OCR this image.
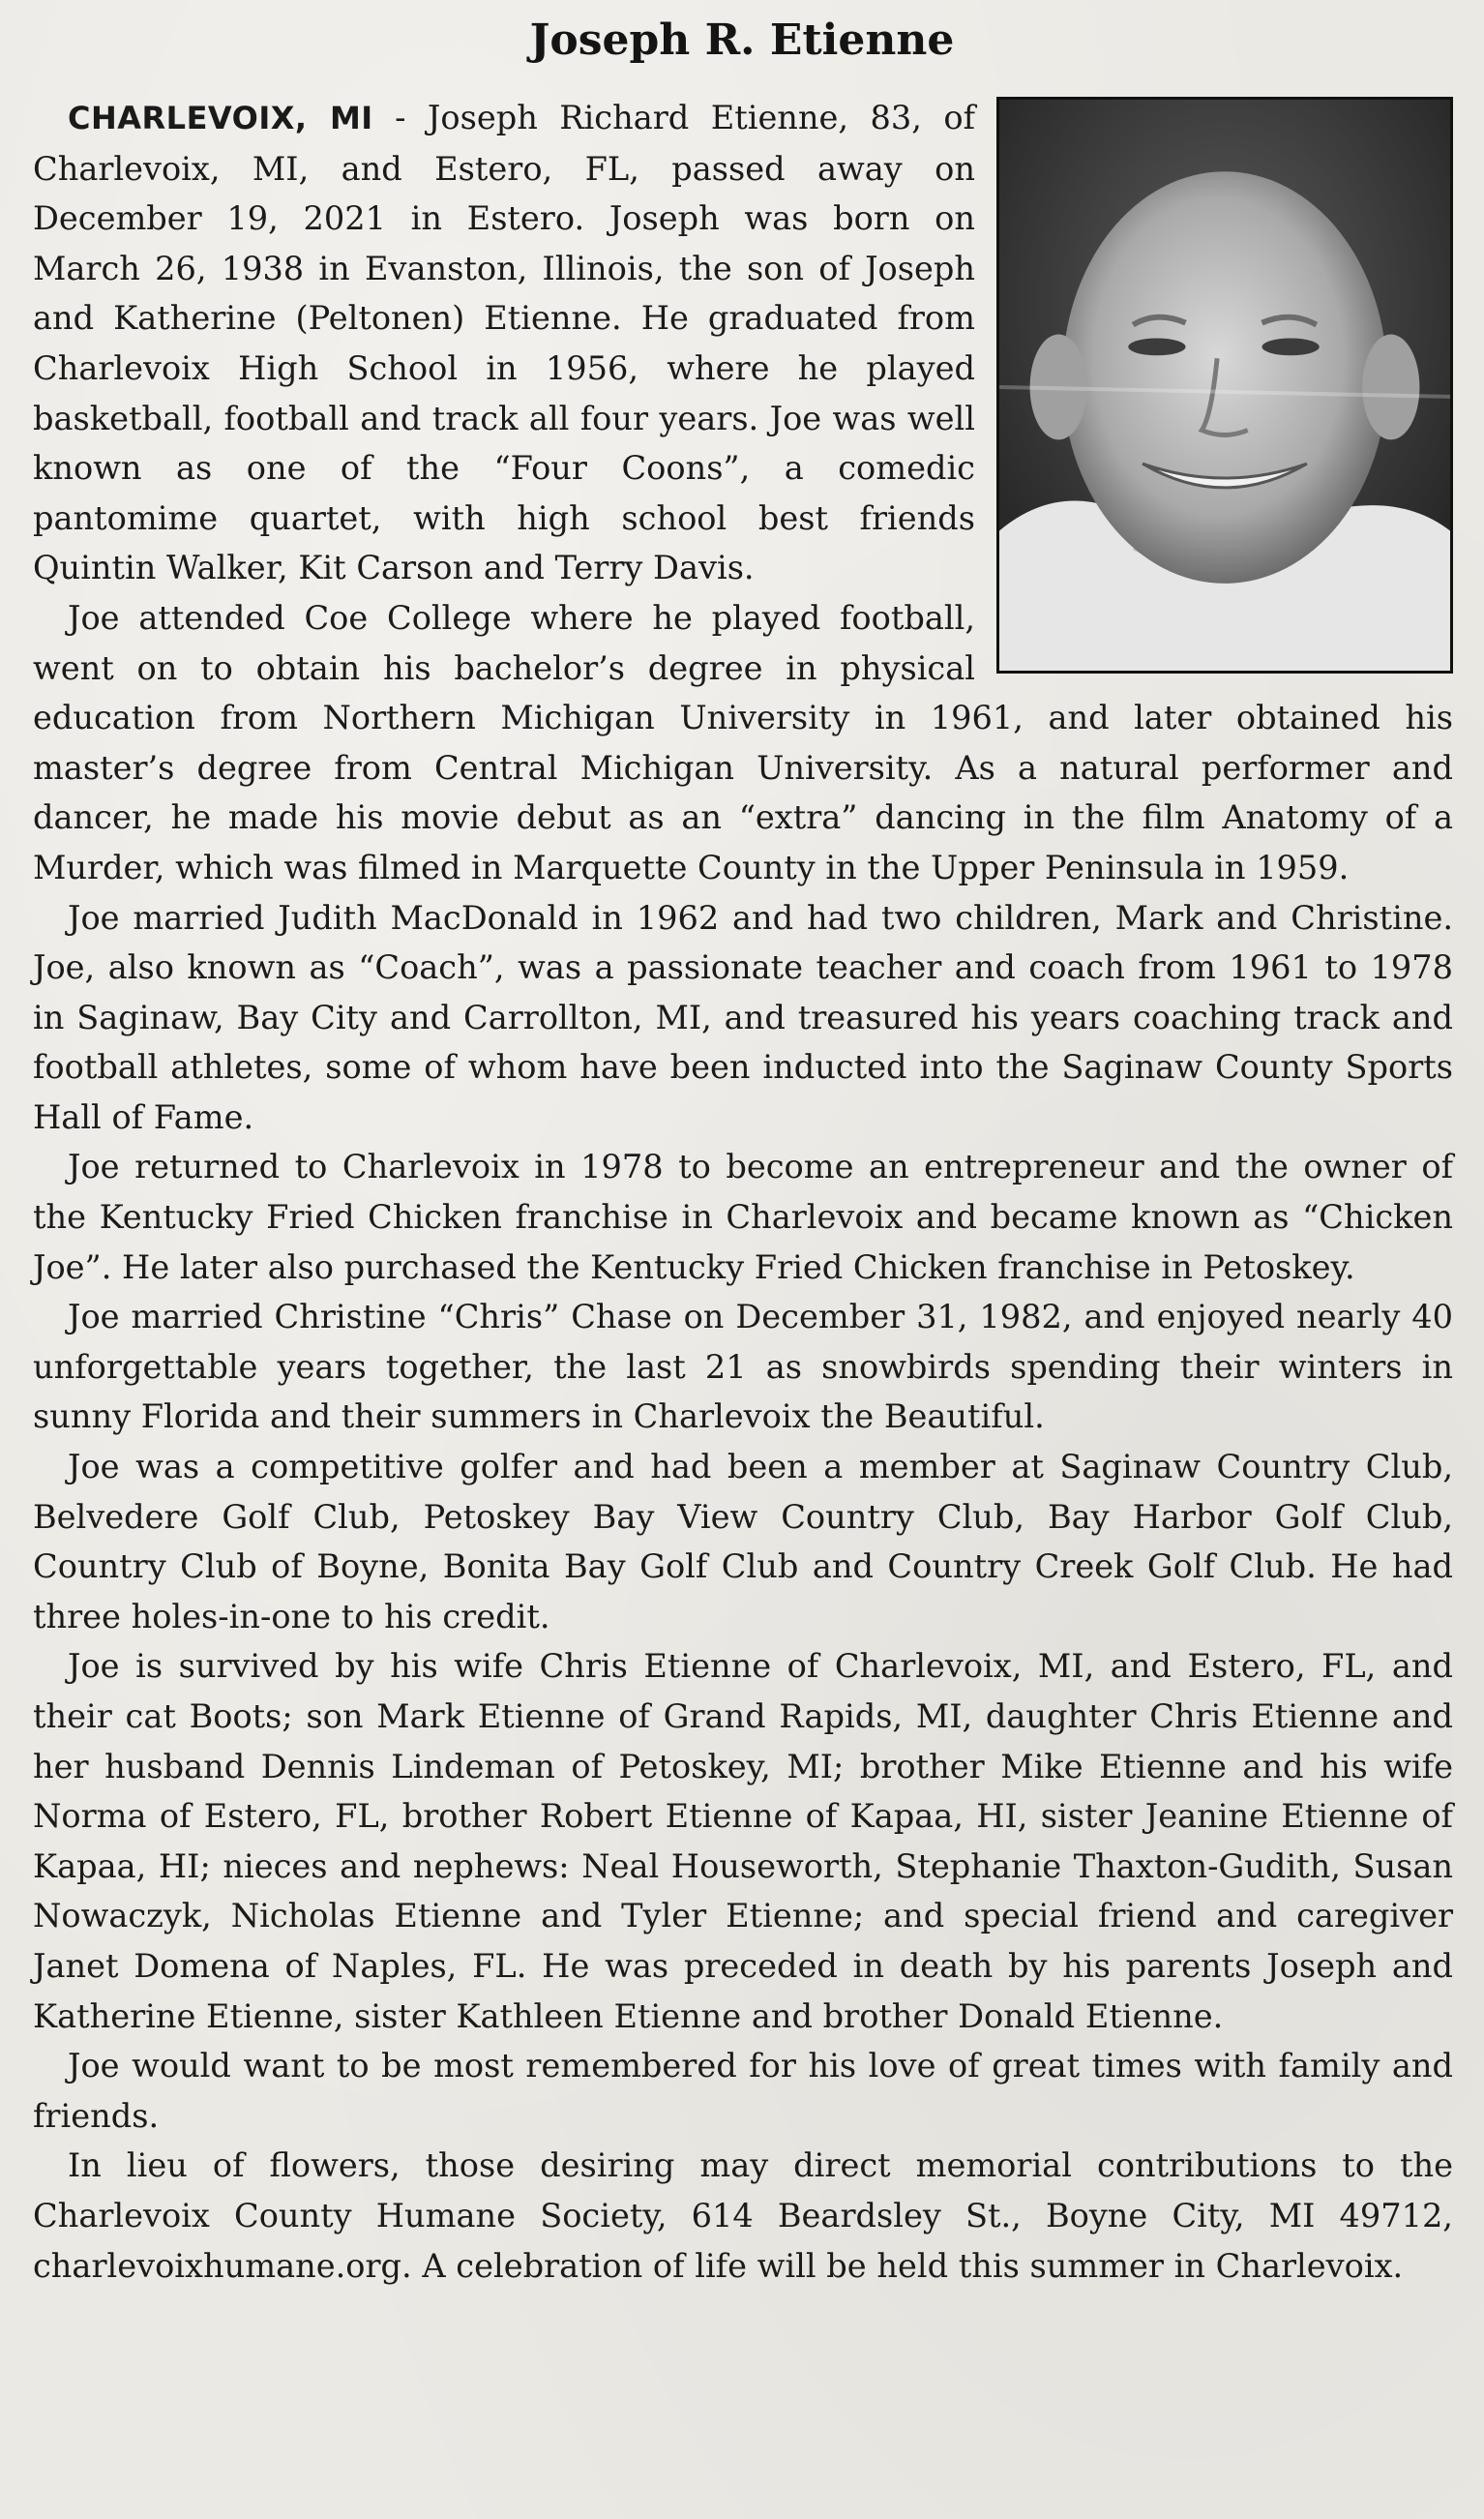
Joseph R. Etienne

CHARLEVOIX, MI - Joseph Richard Etienne, 83, of Charlevoix, MI, and Estero, FL, passed away on December 19, 2021 in Estero. Joseph was born on March 26, 1938 in Evanston, Illinois, the son of Joseph and Katherine (Peltonen) Etienne. He graduated from Charlevoix High School in 1956, where he played basketball, football and track all four years. Joe was well known as one of the “Four Coons”, a comedic pantomime quartet, with high school best friends Quintin Walker, Kit Carson and Terry Davis.

Joe attended Coe College where he played football, went on to obtain his bachelor’s degree in physical education from Northern Michigan University in 1961, and later obtained his master’s degree from Central Michigan University. As a natural performer and dancer, he made his movie debut as an “extra” dancing in the film Anatomy of a Murder, which was filmed in Marquette County in the Upper Peninsula in 1959.

Joe married Judith MacDonald in 1962 and had two children, Mark and Christine. Joe, also known as “Coach”, was a passionate teacher and coach from 1961 to 1978 in Saginaw, Bay City and Carrollton, MI, and treasured his years coaching track and football athletes, some of whom have been inducted into the Saginaw County Sports Hall of Fame.

Joe returned to Charlevoix in 1978 to become an entrepreneur and the owner of the Kentucky Fried Chicken franchise in Charlevoix and became known as “Chicken Joe”. He later also purchased the Kentucky Fried Chicken franchise in Petoskey.

Joe married Christine “Chris” Chase on December 31, 1982, and enjoyed nearly 40 unforgettable years together, the last 21 as snowbirds spending their winters in sunny Florida and their summers in Charlevoix the Beautiful.

Joe was a competitive golfer and had been a member at Saginaw Country Club, Belvedere Golf Club, Petoskey Bay View Country Club, Bay Harbor Golf Club, Country Club of Boyne, Bonita Bay Golf Club and Country Creek Golf Club. He had three holes-in-one to his credit.

Joe is survived by his wife Chris Etienne of Charlevoix, MI, and Estero, FL, and their cat Boots; son Mark Etienne of Grand Rapids, MI, daughter Chris Etienne and her husband Dennis Lindeman of Petoskey, MI; brother Mike Etienne and his wife Norma of Estero, FL, brother Robert Etienne of Kapaa, HI, sister Jeanine Etienne of Kapaa, HI; nieces and nephews: Neal Houseworth, Stephanie Thaxton-Gudith, Susan Nowaczyk, Nicholas Etienne and Tyler Etienne; and special friend and caregiver Janet Domena of Naples, FL. He was preceded in death by his parents Joseph and Katherine Etienne, sister Kathleen Etienne and brother Donald Etienne.

Joe would want to be most remembered for his love of great times with family and friends.

In lieu of flowers, those desiring may direct memorial contributions to the Charlevoix County Humane Society, 614 Beardsley St., Boyne City, MI 49712, charlevoixhumane.org. A celebration of life will be held this summer in Charlevoix.
